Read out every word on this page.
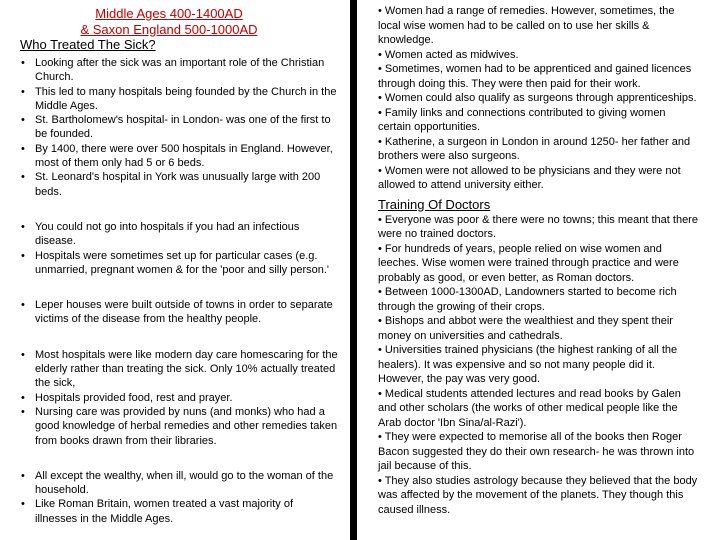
Middle Ages 400-1400AD
& Saxon England 500-1000AD
Who Treated The Sick?
• Looking after the sick was an important role of the Christian Church.
• This led to many hospitals being founded by the Church in the Middle Ages.
• St. Bartholomew's hospital- in London- was one of the first to be founded.
• By 1400, there were over 500 hospitals in England. However, most of them only had 5 or 6 beds.
• St. Leonard's hospital in York was unusually large with 200 beds.
• You could not go into hospitals if you had an infectious disease.
• Hospitals were sometimes set up for particular cases (e.g. unmarried, pregnant women & for the 'poor and silly person.'
• Leper houses were built outside of towns in order to separate victims of the disease from the healthy people.
• Most hospitals were like modern day care homescaring for the elderly rather than treating the sick. Only 10% actually treated the sick,
• Hospitals provided food, rest and prayer.
• Nursing care was provided by nuns (and monks) who had a good knowledge of herbal remedies and other remedies taken from books drawn from their libraries.
• All except the wealthy, when ill, would go to the woman of the household.
• Like Roman Britain, women treated a vast majority of illnesses in the Middle Ages.

• Women had a range of remedies. However, sometimes, the local wise women had to be called on to use her skills & knowledge.

• Women acted as midwives.

• Sometimes, women had to be apprenticed and gained licences through doing this. They were then paid for their work.

• Women could also qualify as surgeons through apprenticeships.

• Family links and connections contributed to giving women certain opportunities.

• Katherine, a surgeon in London in around 1250- her father and brothers were also surgeons.

• Women were not allowed to be physicians and they were not allowed to attend university either.

Training Of Doctors

• Everyone was poor & there were no towns; this meant that there were no trained doctors.

• For hundreds of years, people relied on wise women and leeches. Wise women were trained through practice and were probably as good, or even better, as Roman doctors.

• Between 1000-1300AD, Landowners started to become rich through the growing of their crops.

• Bishops and abbot were the wealthiest and they spent their money on universities and cathedrals.

• Universities trained physicians (the highest ranking of all the healers). It was expensive and so not many people did it. However, the pay was very good.

• Medical students attended lectures and read books by Galen and other scholars (the works of other medical people like the Arab doctor 'Ibn Sina/al-Razi').

• They were expected to memorise all of the books then Roger Bacon suggested they do their own research- he was thrown into jail because of this.

• They also studies astrology because they believed that the body was affected by the movement of the planets. They though this caused illness.
